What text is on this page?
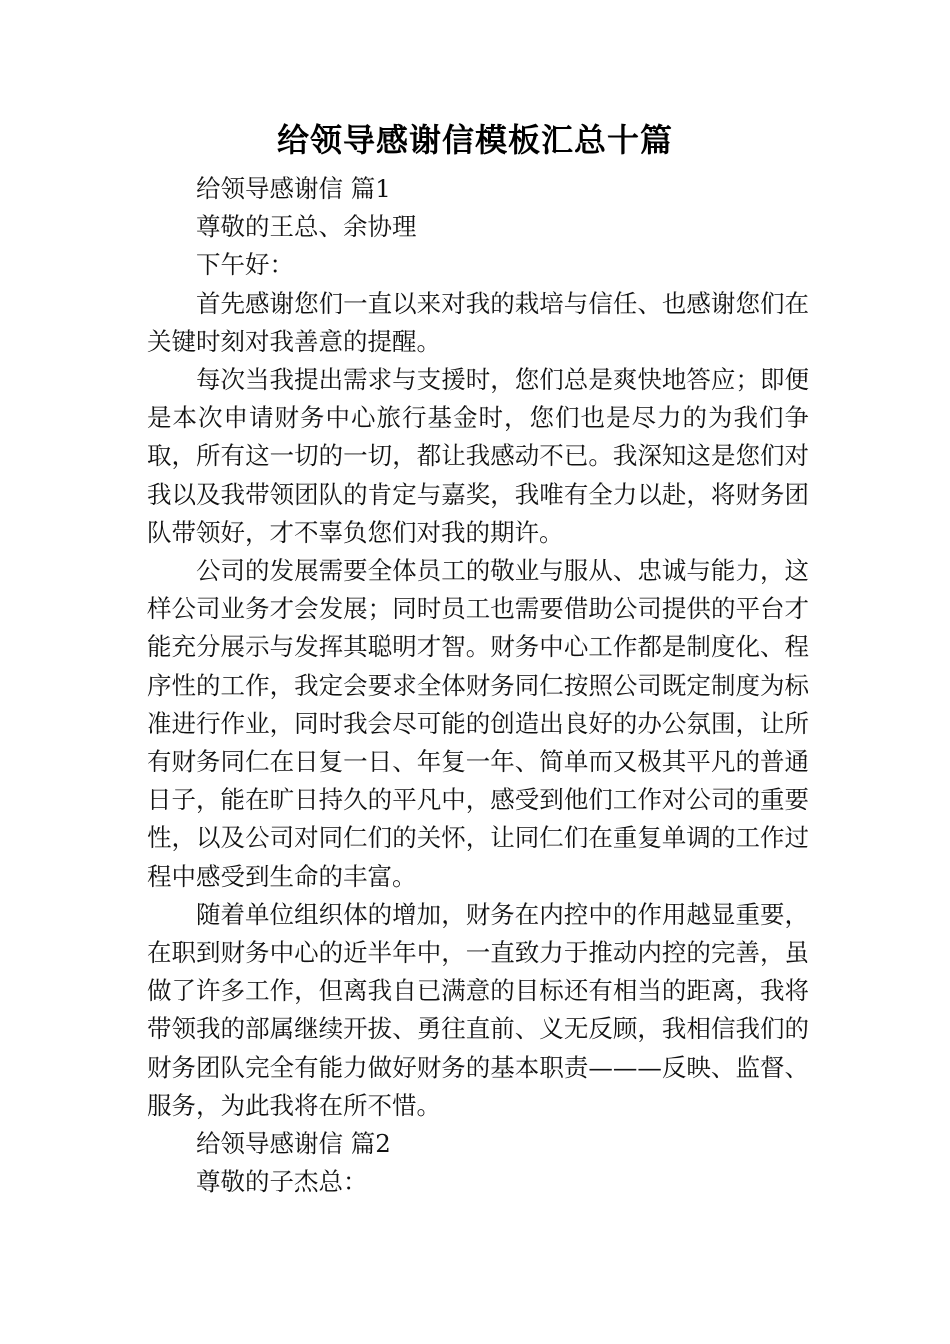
给领导感谢信模板汇总十篇

给领导感谢信 篇1

尊敬的王总、余协理

下午好：

首先感谢您们一直以来对我的栽培与信任、也感谢您们在关键时刻对我善意的提醒。

每次当我提出需求与支援时，您们总是爽快地答应；即便是本次申请财务中心旅行基金时，您们也是尽力的为我们争取，所有这一切的一切，都让我感动不已。我深知这是您们对我以及我带领团队的肯定与嘉奖，我唯有全力以赴，将财务团队带领好，才不辜负您们对我的期许。

公司的发展需要全体员工的敬业与服从、忠诚与能力，这样公司业务才会发展；同时员工也需要借助公司提供的平台才能充分展示与发挥其聪明才智。财务中心工作都是制度化、程序性的工作，我定会要求全体财务同仁按照公司既定制度为标准进行作业，同时我会尽可能的创造出良好的办公氛围，让所有财务同仁在日复一日、年复一年、简单而又极其平凡的普通日子，能在旷日持久的平凡中，感受到他们工作对公司的重要性，以及公司对同仁们的关怀，让同仁们在重复单调的工作过程中感受到生命的丰富。

随着单位组织体的增加，财务在内控中的作用越显重要，在职到财务中心的近半年中，一直致力于推动内控的完善，虽做了许多工作，但离我自已满意的目标还有相当的距离，我将带领我的部属继续开拔、勇往直前、义无反顾，我相信我们的财务团队完全有能力做好财务的基本职责———反映、监督、服务，为此我将在所不惜。

给领导感谢信 篇2

尊敬的子杰总：
